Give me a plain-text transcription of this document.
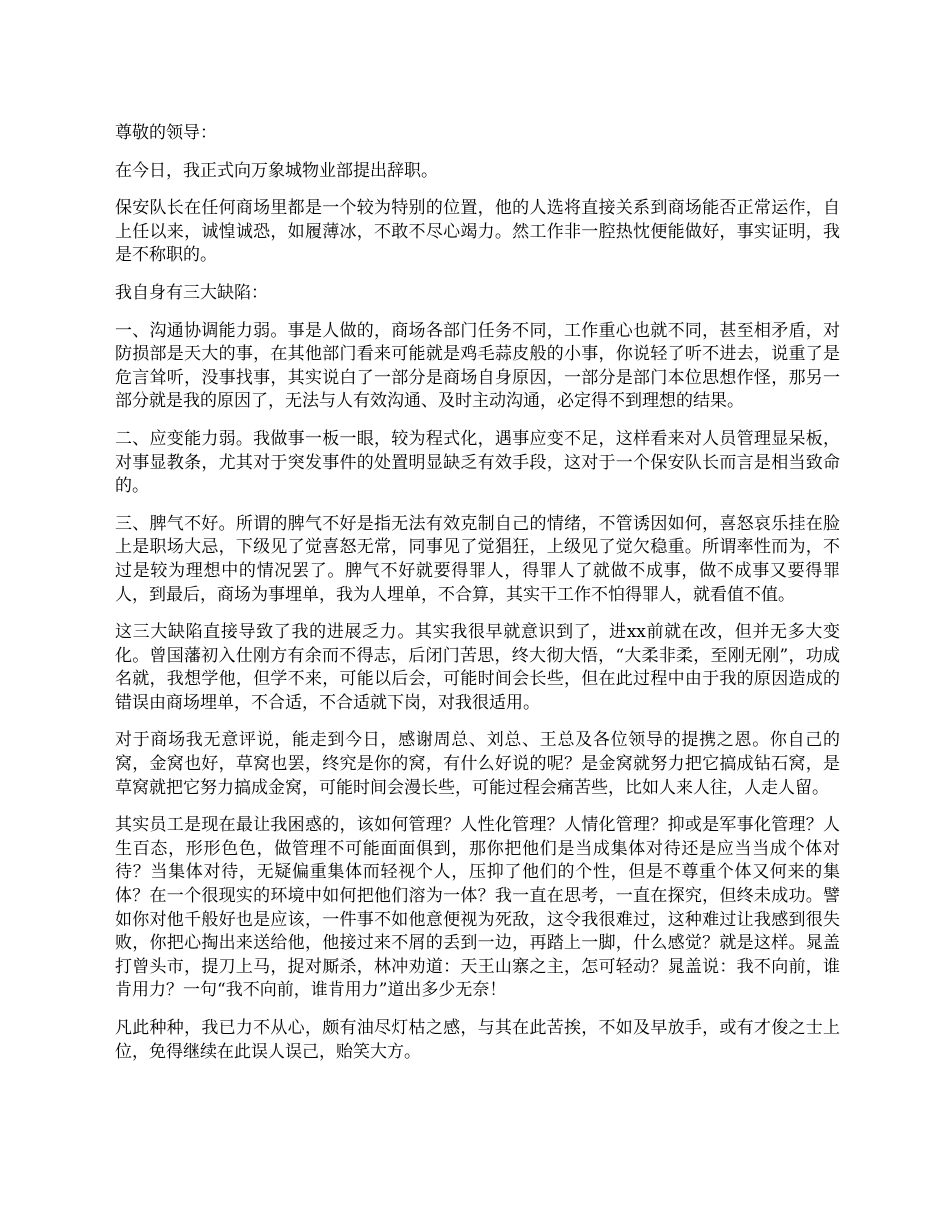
尊敬的领导：

在今日，我正式向万象城物业部提出辞职。

保安队长在任何商场里都是一个较为特别的位置，他的人选将直接关系到商场能否正常运作，自上任以来，诚惶诚恐，如履薄冰，不敢不尽心竭力。然工作非一腔热忱便能做好，事实证明，我是不称职的。

我自身有三大缺陷：

一、沟通协调能力弱。事是人做的，商场各部门任务不同，工作重心也就不同，甚至相矛盾，对防损部是天大的事，在其他部门看来可能就是鸡毛蒜皮般的小事，你说轻了听不进去，说重了是危言耸听，没事找事，其实说白了一部分是商场自身原因，一部分是部门本位思想作怪，那另一部分就是我的原因了，无法与人有效沟通、及时主动沟通，必定得不到理想的结果。

二、应变能力弱。我做事一板一眼，较为程式化，遇事应变不足，这样看来对人员管理显呆板，对事显教条，尤其对于突发事件的处置明显缺乏有效手段，这对于一个保安队长而言是相当致命的。

三、脾气不好。所谓的脾气不好是指无法有效克制自己的情绪，不管诱因如何，喜怒哀乐挂在脸上是职场大忌，下级见了觉喜怒无常，同事见了觉猖狂，上级见了觉欠稳重。所谓率性而为，不过是较为理想中的情况罢了。脾气不好就要得罪人，得罪人了就做不成事，做不成事又要得罪人，到最后，商场为事埋单，我为人埋单，不合算，其实干工作不怕得罪人，就看值不值。

这三大缺陷直接导致了我的进展乏力。其实我很早就意识到了，进xx前就在改，但并无多大变化。曾国藩初入仕刚方有余而不得志，后闭门苦思，终大彻大悟，“大柔非柔，至刚无刚”，功成名就，我想学他，但学不来，可能以后会，可能时间会长些，但在此过程中由于我的原因造成的错误由商场埋单，不合适，不合适就下岗，对我很适用。

对于商场我无意评说，能走到今日，感谢周总、刘总、王总及各位领导的提携之恩。你自己的窝，金窝也好，草窝也罢，终究是你的窝，有什么好说的呢？是金窝就努力把它搞成钻石窝，是草窝就把它努力搞成金窝，可能时间会漫长些，可能过程会痛苦些，比如人来人往，人走人留。

其实员工是现在最让我困惑的，该如何管理？人性化管理？人情化管理？抑或是军事化管理？人生百态，形形色色，做管理不可能面面俱到，那你把他们是当成集体对待还是应当当成个体对待？当集体对待，无疑偏重集体而轻视个人，压抑了他们的个性，但是不尊重个体又何来的集体？在一个很现实的环境中如何把他们溶为一体？我一直在思考，一直在探究，但终未成功。譬如你对他千般好也是应该，一件事不如他意便视为死敌，这令我很难过，这种难过让我感到很失败，你把心掏出来送给他，他接过来不屑的丢到一边，再踏上一脚，什么感觉？就是这样。晁盖打曾头市，提刀上马，捉对厮杀，林冲劝道：天王山寨之主，怎可轻动？晁盖说：我不向前，谁肯用力？一句“我不向前，谁肯用力”道出多少无奈！

凡此种种，我已力不从心，颇有油尽灯枯之感，与其在此苦挨，不如及早放手，或有才俊之士上位，免得继续在此误人误己，贻笑大方。
